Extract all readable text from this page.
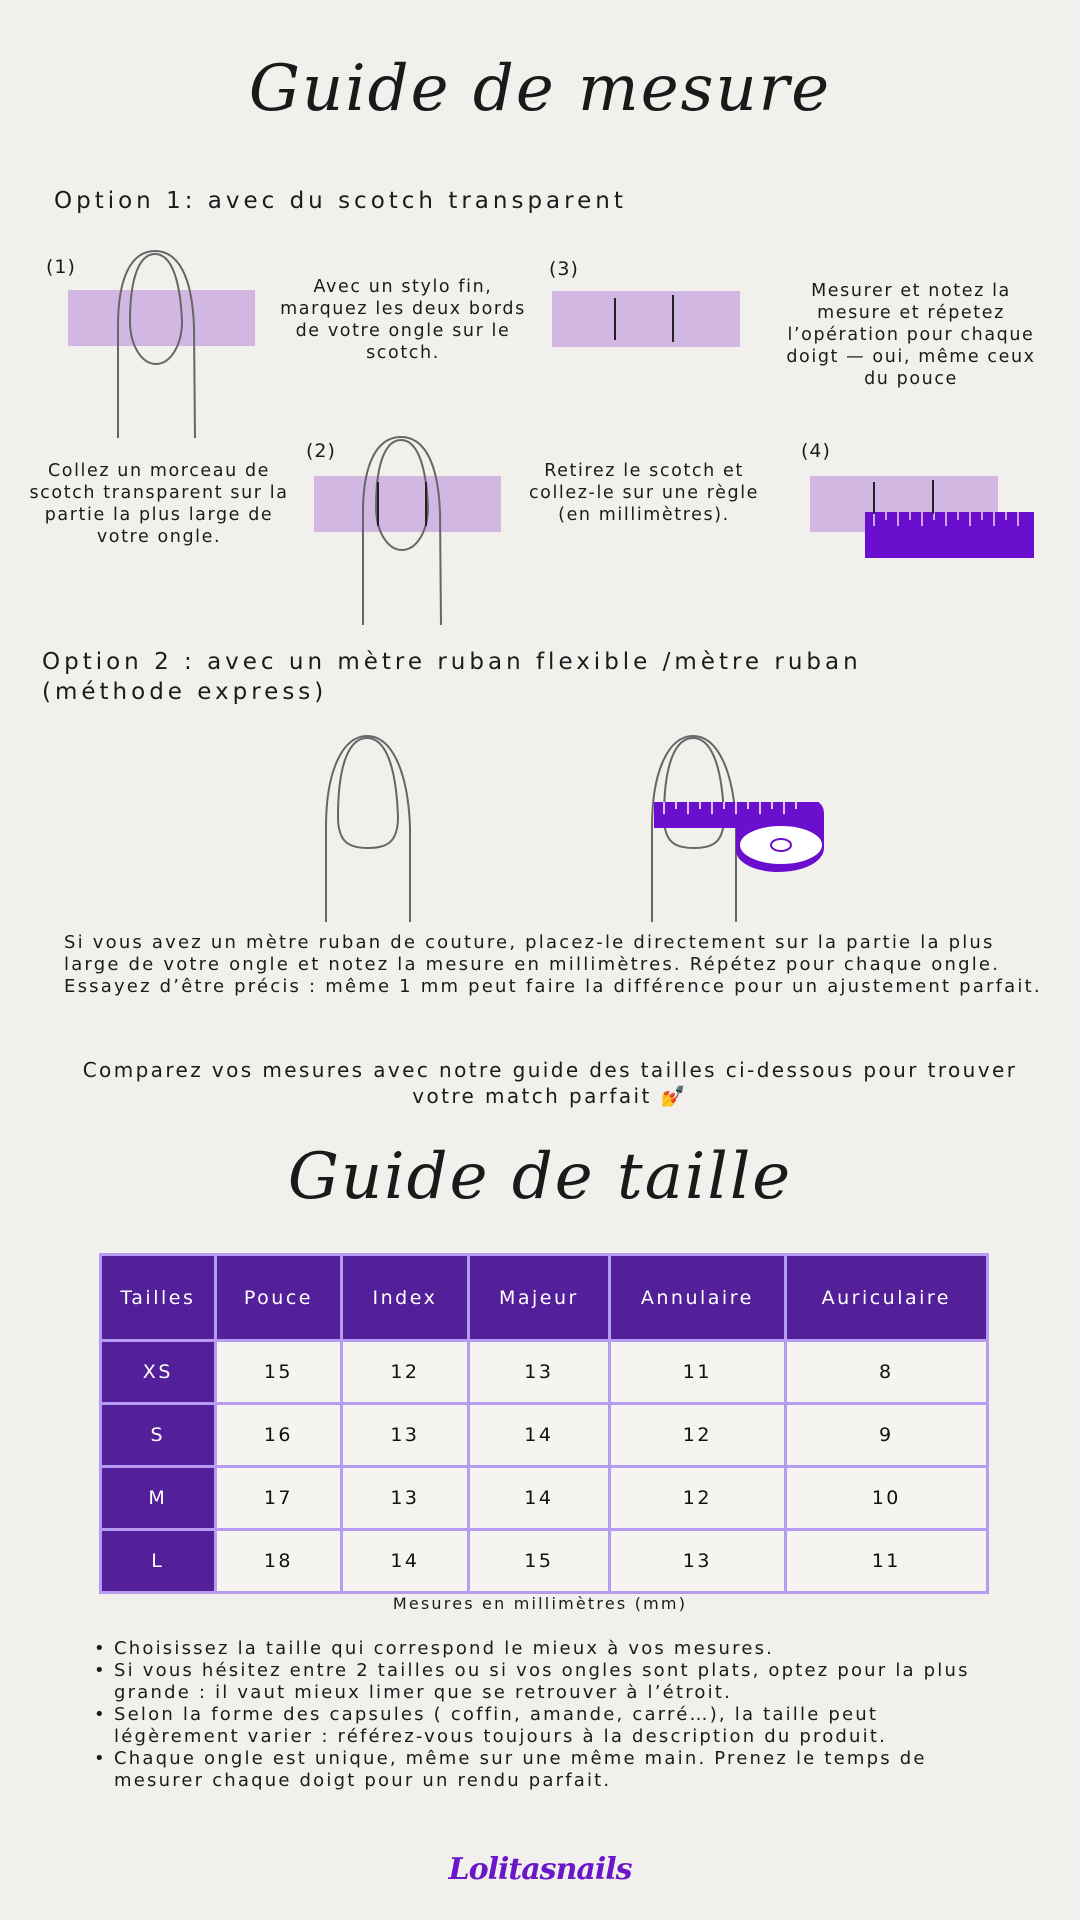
Guide de mesure
Option 1: avec du scotch transparent
(1)
Collez un morceau de scotch transparent sur la partie la plus large de votre ongle.
Avec un stylo fin, marquez les deux bords de votre ongle sur le scotch.
(3)
Retirez le scotch et collez-le sur une règle (en millimètres).
Mesurer et notez la mesure et répetez l’opération pour chaque doigt — oui, même ceux du pouce
(2)	(4)
Option 2 : avec un mètre ruban flexible /mètre ruban
(méthode express)
Si vous avez un mètre ruban de couture, placez-le directement sur la partie la plus large de votre ongle et notez la mesure en millimètres. Répétez pour chaque ongle.
Essayez d’être précis : même 1 mm peut faire la différence pour un ajustement parfait.
Comparez vos mesures avec notre guide des tailles ci-dessous pour trouver votre match parfait 💅
Guide de taille
Tailles	Pouce	Index	Majeur	Annulaire	Auriculaire
XS	15	12	13	11	8
S	16	13	14	12	9
M	17	13	14	12	10
L	18	14	15	13	11
Mesures en millimètres (mm)
• Choisissez la taille qui correspond le mieux à vos mesures.
• Si vous hésitez entre 2 tailles ou si vos ongles sont plats, optez pour la plus grande : il vaut mieux limer que se retrouver à l’étroit.
• Selon la forme des capsules ( coffin, amande, carré…), la taille peut légèrement varier : référez-vous toujours à la description du produit.
• Chaque ongle est unique, même sur une même main. Prenez le temps de mesurer chaque doigt pour un rendu parfait.
Lolitasnails
